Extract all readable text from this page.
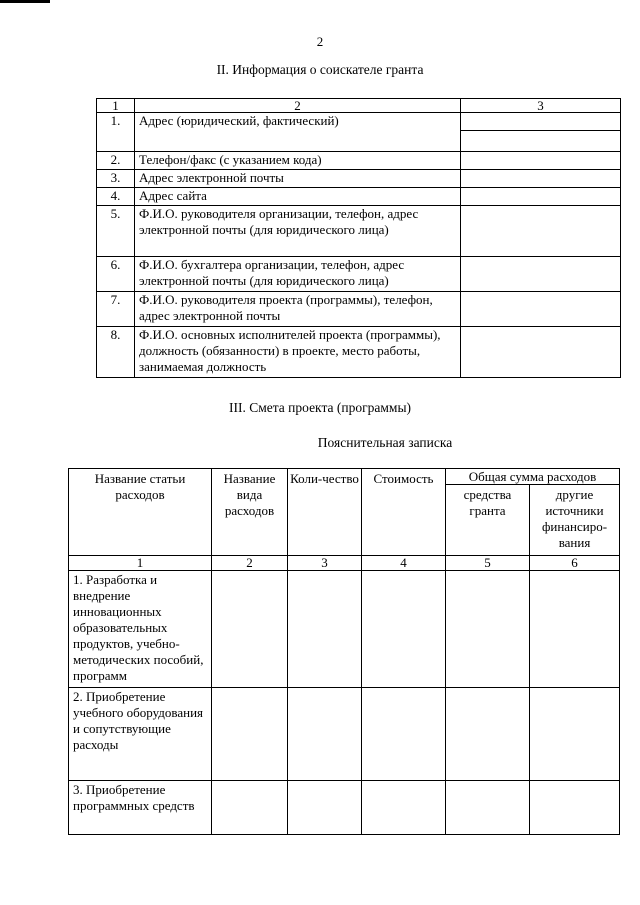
2
II. Информация о соискателе гранта
1	2	3
1.	Адрес (юридический, фактический)	

2.	Телефон/факс (с указанием кода)	
3.	Адрес электронной почты	
4.	Адрес сайта	
5.	Ф.И.О. руководителя организации, телефон, адрес электронной почты (для юридического лица)	
6.	Ф.И.О. бухгалтера организации, телефон, адрес электронной почты (для юридического лица)	
7.	Ф.И.О. руководителя проекта (программы), телефон, адрес электронной почты	
8.	Ф.И.О. основных исполнителей проекта (программы), должность (обязанности) в проекте, место работы, занимаемая должность	
III. Смета проекта (программы)
Пояснительная записка
Название статьи расходов	Название вида расходов	Коли-чество	Стоимость	Общая сумма расходов	
				средства гранта	другие источники финансиро-вания
1	2	3	4	5	6
1. Разработка и внедрение инновационных образовательных продуктов, учебно-методических пособий, программ					
2. Приобретение учебного оборудования и сопутствующие расходы					
3. Приобретение программных средств					
